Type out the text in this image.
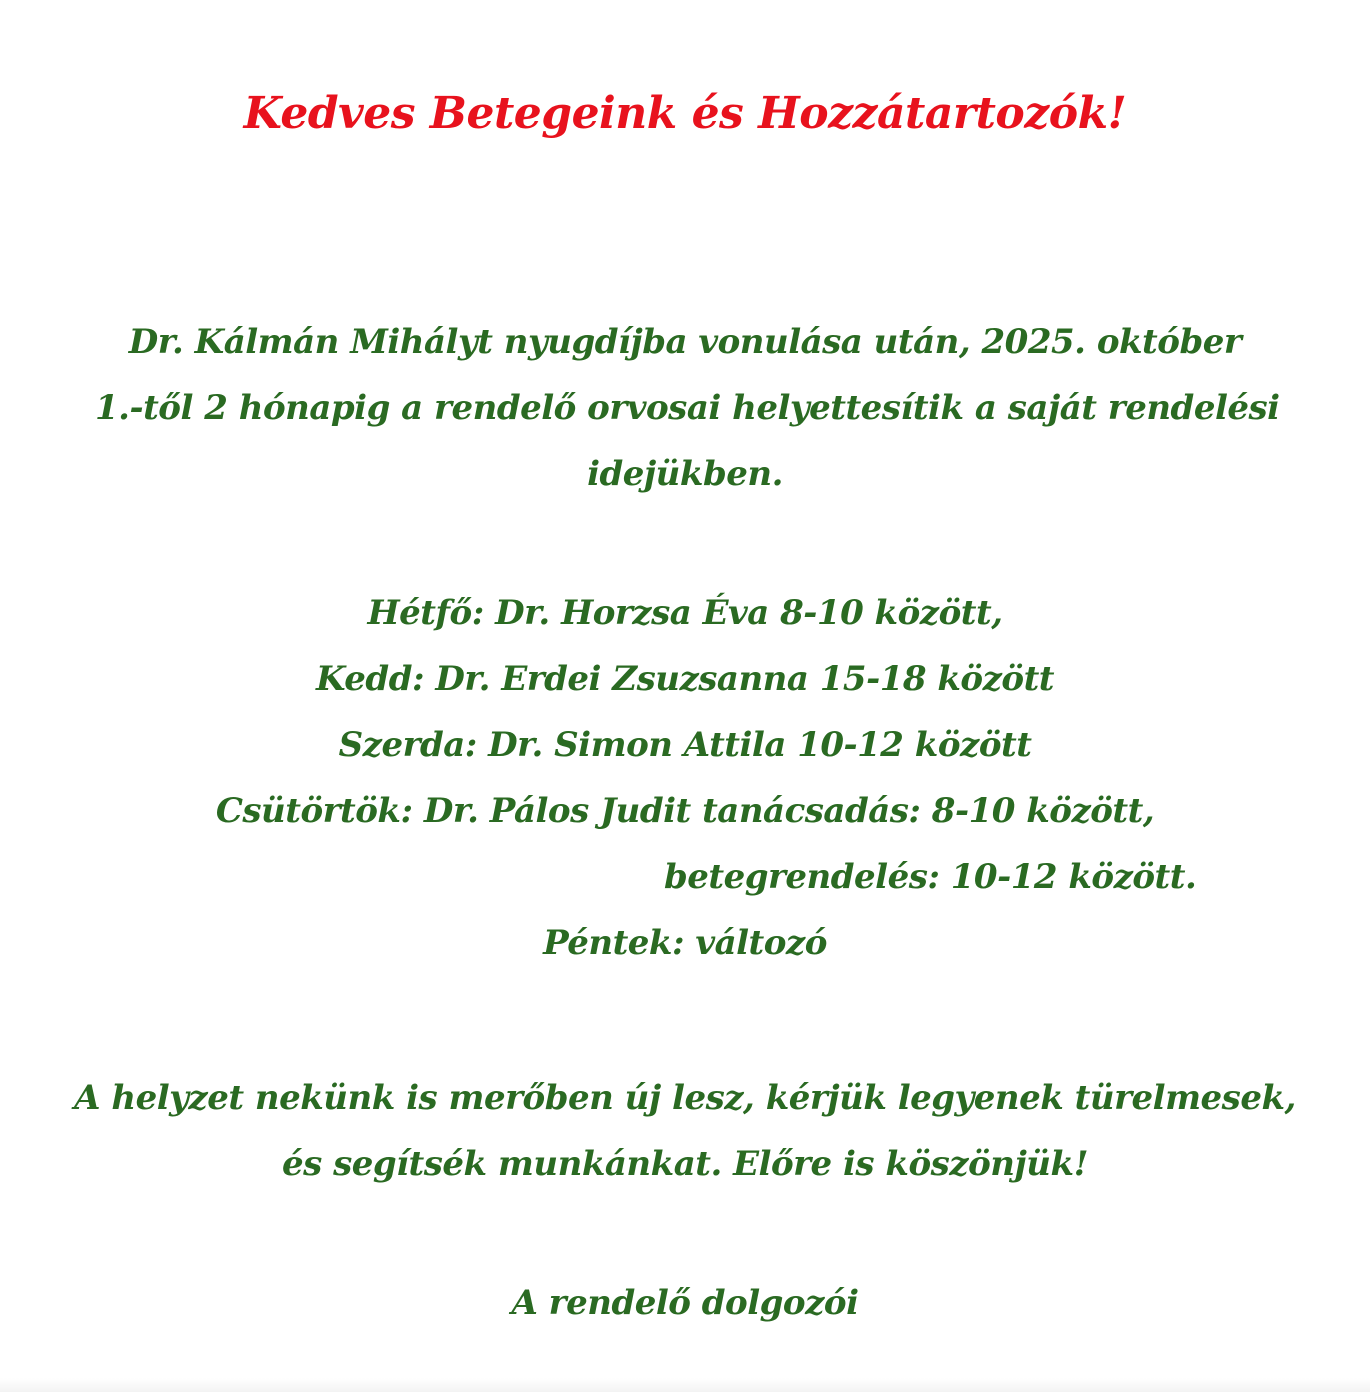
Kedves Betegeink és Hozzátartozók!
Dr. Kálmán Mihályt nyugdíjba vonulása után, 2025. október
1.-től 2 hónapig a rendelő orvosai helyettesítik a saját rendelési
idejükben.
Hétfő: Dr. Horzsa Éva 8-10 között,
Kedd: Dr. Erdei Zsuzsanna 15-18 között
Szerda: Dr. Simon Attila 10-12 között
Csütörtök: Dr. Pálos Judit tanácsadás: 8-10 között,
betegrendelés: 10-12 között.
Péntek: változó
A helyzet nekünk is merőben új lesz, kérjük legyenek türelmesek,
és segítsék munkánkat. Előre is köszönjük!
A rendelő dolgozói
